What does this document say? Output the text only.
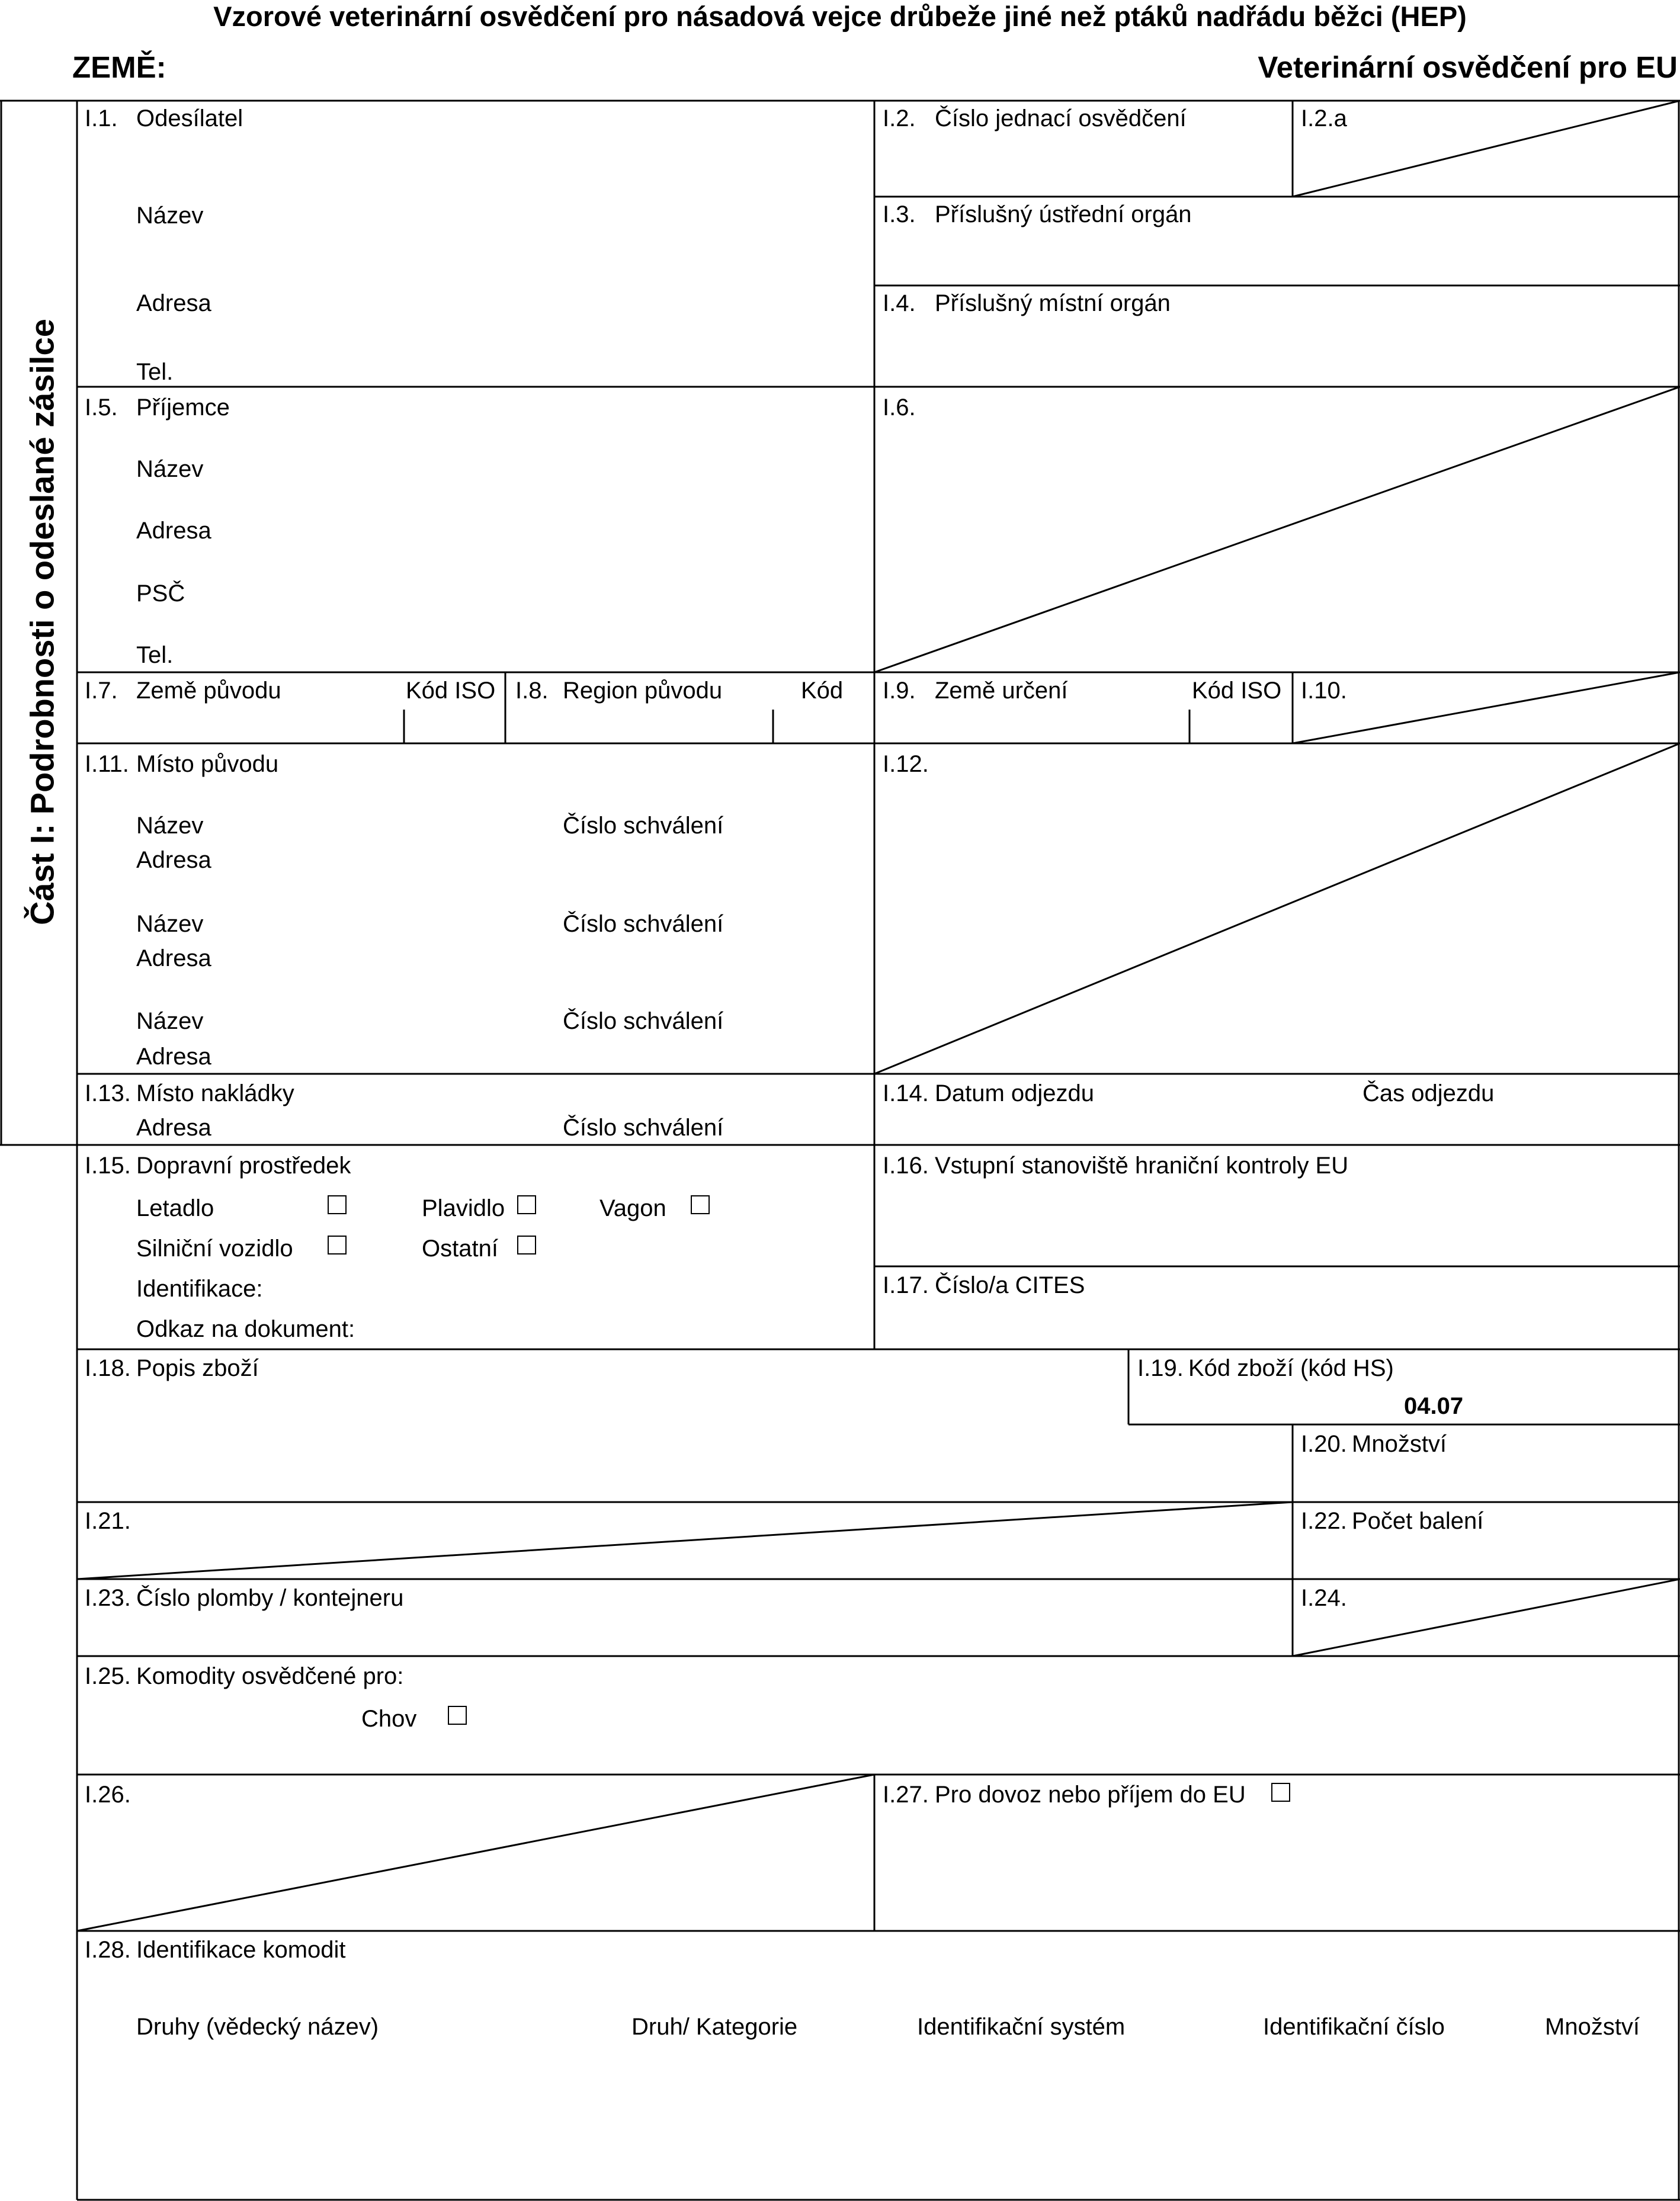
Vzorové veterinární osvědčení pro násadová vejce drůbeže jiné než ptáků nadřádu běžci (HEP)
ZEMĚ:	Veterinární osvědčení pro EU
Část I: Podrobnosti o odeslané zásilce
I.1. Odesílatel
Název
Adresa
Tel.
I.2. Číslo jednací osvědčení	I.2.a
I.3. Příslušný ústřední orgán
I.4. Příslušný místní orgán
I.5. Příjemce
Název
Adresa
PSČ
Tel.
I.6.
I.7. Země původu	Kód ISO I.8. Region původu	Kód I.9. Země určení	Kód ISO I.10.
I.11. Místo původu
Název	Číslo schválení
Adresa
Název	Číslo schválení
Adresa
Název	Číslo schválení
Adresa
I.12.
I.13. Místo nakládky
Adresa	Číslo schválení
I.14. Datum odjezdu	Čas odjezdu
I.15. Dopravní prostředek
Letadlo	Plavidlo	Vagon
Silniční vozidlo	Ostatní
Identifikace:
Odkaz na dokument:
I.16. Vstupní stanoviště hraniční kontroly EU
I.17. Číslo/a CITES
I.18. Popis zboží	I.19. Kód zboží (kód HS)
04.07
I.20. Množství
I.21.	I.22. Počet balení
I.23. Číslo plomby / kontejneru	I.24.
I.25. Komodity osvědčené pro:
Chov
I.26.	I.27. Pro dovoz nebo příjem do EU
I.28. Identifikace komodit
Druhy (vědecký název)	Druh/ Kategorie	Identifikační systém	Identifikační číslo	Množství
